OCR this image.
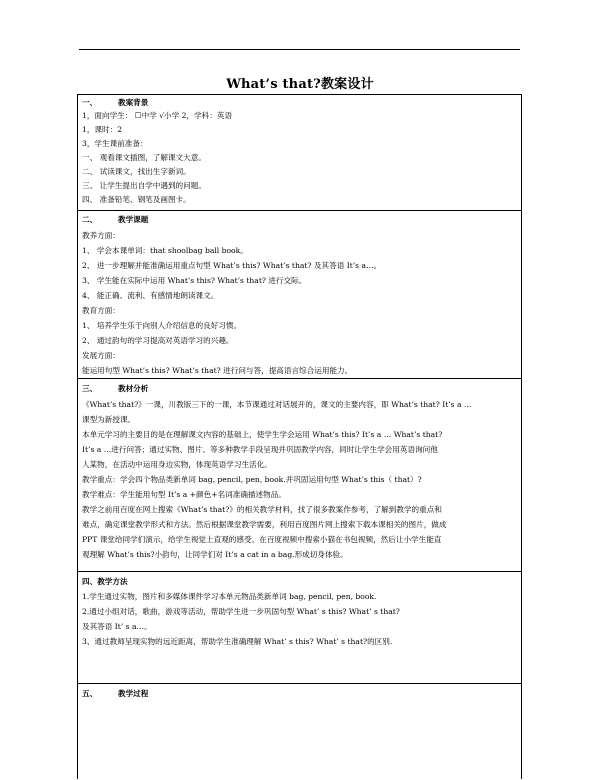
What’s that?教案设计
一、	教案背景
1，面向学生： ☐中学 √小学 2，学科：英语
1，课时：2
3，学生课前准备：
一、 观看课文插图，了解课文大意。
二、 试读课文，找出生字新词。
三、 让学生提出自学中遇到的问题。
四、 准备铅笔、钢笔及画图卡。
二、	教学课题
教养方面：
1、 学会本课单词：that shoolbag ball book。
2、 进一步理解并能准确运用重点句型 What’s this? What’s that? 及其答语 It’s a…。
3、 学生能在实际中运用 What’s this? What’s that? 进行交际。
4、 能正确、流利、有感情地朗读课文。
教育方面：
1、 培养学生乐于向别人介绍信息的良好习惯。
2、 通过韵句的学习提高对英语学习的兴趣。
发展方面：
能运用句型 What’s this? What’s that? 进行问与答，提高语言综合运用能力。
三、	教材分析
《What’s that?》一课，川教版三下的一课，本节课通过对话展开的，课文的主要内容，即 What’s that? It’s a …
课型为新授课。
本单元学习的主要目的是在理解课文内容的基础上，使学生学会运用 What’s this? It’s a … What’s that?
It’s a …进行问答；通过实物、图片、等多种教学手段呈现并巩固教学内容，同时让学生学会用英语询问他
人某物，在活动中运用身边实物，体现英语学习生活化。
教学重点：学会四个物品类新单词 bag, pencil, pen, book.并巩固运用句型 What’s this（ that）?
教学难点：学生能用句型 It’s a +颜色+名词准确描述物品。
教学之前用百度在网上搜索《What’s that?》的相关教学材料，找了很多教案作参考，了解到教学的重点和
难点，确定课堂教学形式和方法。然后根据课堂教学需要，利用百度图片网上搜索下载本课相关的图片，做成
PPT 课堂给同学们演示，给学生视觉上直观的感受。在百度视频中搜索小猫在书包视频，然后让小学生能直
观理解 What’s this?小韵句，让同学们对 It’s a cat in a bag.形成切身体验。
四、教学方法
1.学生通过实物，图片和多媒体课件学习本单元物品类新单词 bag, pencil, pen, book.
2.通过小组对话，歌曲，游戏等活动，帮助学生进一步巩固句型 What’ s this? What’ s that?
及其答语 It’ s a…。
3、通过教师呈现实物的远近距离，帮助学生准确理解 What’ s this? What’ s that?的区别.
五、	教学过程
